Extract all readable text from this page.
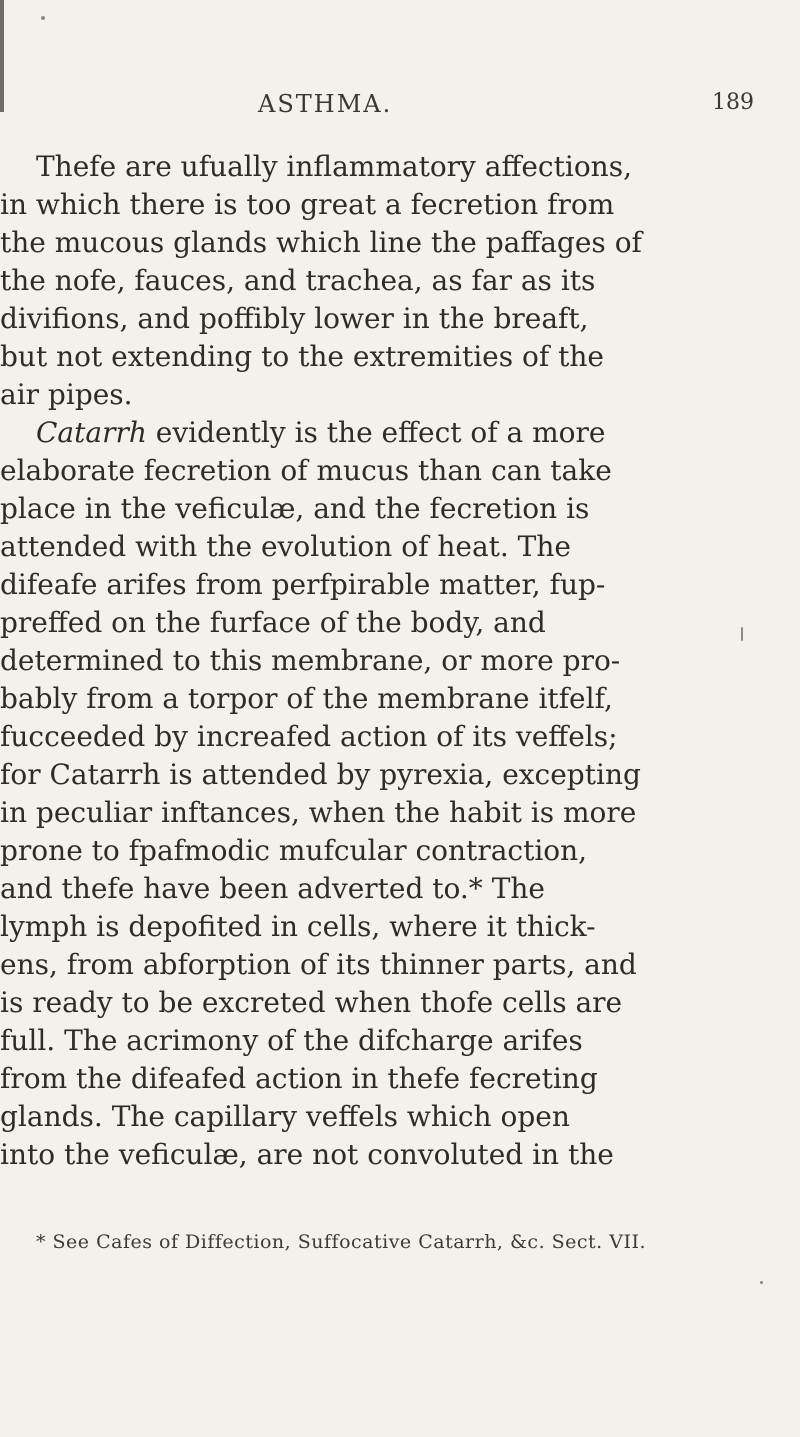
ASTHMA.	189
Thefe are ufually inflammatory affections,
in which there is too great a fecretion from
the mucous glands which line the paffages of
the nofe, fauces, and trachea, as far as its
divifions, and poffibly lower in the breaft,
but not extending to the extremities of the
air pipes.
Catarrh evidently is the effect of a more
elaborate fecretion of mucus than can take
place in the veficulæ, and the fecretion is
attended with the evolution of heat. The
difeafe arifes from perfpirable matter, fup-
preffed on the furface of the body, and
determined to this membrane, or more pro-
bably from a torpor of the membrane itfelf,
fucceeded by increafed action of its veffels;
for Catarrh is attended by pyrexia, excepting
in peculiar inftances, when the habit is more
prone to fpafmodic mufcular contraction,
and thefe have been adverted to.* The
lymph is depofited in cells, where it thick-
ens, from abforption of its thinner parts, and
is ready to be excreted when thofe cells are
full. The acrimony of the difcharge arifes
from the difeafed action in thefe fecreting
glands. The capillary veffels which open
into the veficulæ, are not convoluted in the
* See Cafes of Diffection, Suffocative Catarrh, &c. Sect. VII.
